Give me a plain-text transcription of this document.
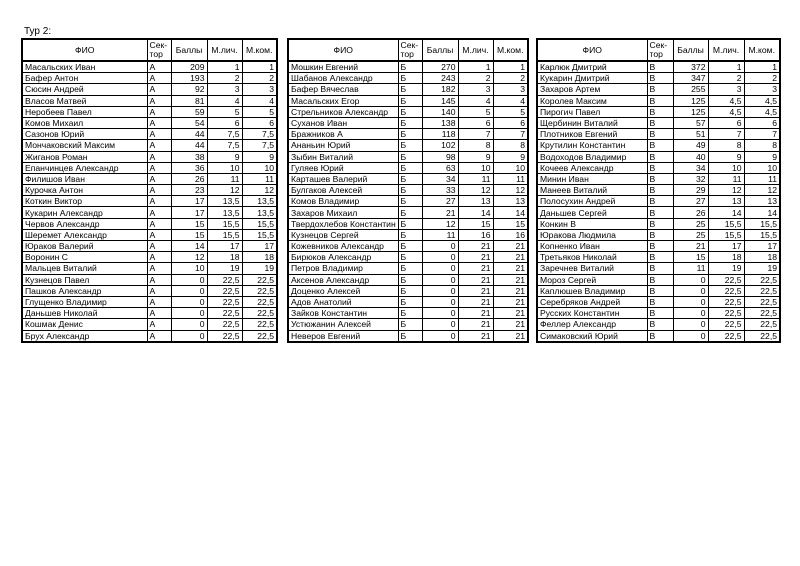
Тур 2:
ФИО	Сек-
тор	Баллы	М.лич.	М.ком.
Масальских Иван	А	209	1	1
Бафер Антон	А	193	2	2
Сюсин Андрей	А	92	3	3
Власов Матвей	А	81	4	4
Неробеев Павел	А	59	5	5
Комов Михаил	А	54	6	6
Сазонов Юрий	А	44	7,5	7,5
Мончаковский Максим	А	44	7,5	7,5
Жиганов Роман	А	38	9	9
Епанчинцев Александр	А	36	10	10
Филишов Иван	А	26	11	11
Курочка Антон	А	23	12	12
Коткин Виктор	А	17	13,5	13,5
Кукарин Александр	А	17	13,5	13,5
Червов Александр	А	15	15,5	15,5
Шеремет Александр	А	15	15,5	15,5
Юраков Валерий	А	14	17	17
Воронин С	А	12	18	18
Мальцев Виталий	А	10	19	19
Кузнецов Павел	А	0	22,5	22,5
Пашков Александр	А	0	22,5	22,5
Глущенко Владимир	А	0	22,5	22,5
Даньшев Николай	А	0	22,5	22,5
Кошмак Денис	А	0	22,5	22,5
Брух Александр	А	0	22,5	22,5
ФИО	Сек-
тор	Баллы	М.лич.	М.ком.
Мошкин Евгений	Б	270	1	1
Шабанов Александр	Б	243	2	2
Бафер Вячеслав	Б	182	3	3
Масальских Егор	Б	145	4	4
Стрельников Александр	Б	140	5	5
Суханов Иван	Б	138	6	6
Бражников А	Б	118	7	7
Ананьин Юрий	Б	102	8	8
Зыбин Виталий	Б	98	9	9
Гуляев Юрий	Б	63	10	10
Карташев Валерий	Б	34	11	11
Булгаков Алексей	Б	33	12	12
Комов Владимир	Б	27	13	13
Захаров Михаил	Б	21	14	14
Твердохлебов Константин	Б	12	15	15
Кузнецов Сергей	Б	11	16	16
Кожевников Александр	Б	0	21	21
Бирюков Александр	Б	0	21	21
Петров Владимир	Б	0	21	21
Аксенов Александр	Б	0	21	21
Доценко Алексей	Б	0	21	21
Адов Анатолий	Б	0	21	21
Зайков Константин	Б	0	21	21
Устюжанин Алексей	Б	0	21	21
Неверов Евгений	Б	0	21	21
ФИО	Сек-
тор	Баллы	М.лич.	М.ком.
Карлюк Дмитрий	В	372	1	1
Кукарин Дмитрий	В	347	2	2
Захаров Артем	В	255	3	3
Королев Максим	В	125	4,5	4,5
Пирогич Павел	В	125	4,5	4,5
Щербинин Виталий	В	57	6	6
Плотников Евгений	В	51	7	7
Крутилин Константин	В	49	8	8
Водоходов Владимир	В	40	9	9
Кочеев Александр	В	34	10	10
Минин Иван	В	32	11	11
Манеев Виталий	В	29	12	12
Полосухин Андрей	В	27	13	13
Даньшев Сергей	В	26	14	14
Конкин В	В	25	15,5	15,5
Юракова Людмила	В	25	15,5	15,5
Копненко Иван	В	21	17	17
Третьяков Николай	В	15	18	18
Заречнев Виталий	В	11	19	19
Мороз Сергей	В	0	22,5	22,5
Каплюшев Владимир	В	0	22,5	22,5
Серебряков Андрей	В	0	22,5	22,5
Русских Константин	В	0	22,5	22,5
Феллер Александр	В	0	22,5	22,5
Симаковский Юрий	В	0	22,5	22,5
